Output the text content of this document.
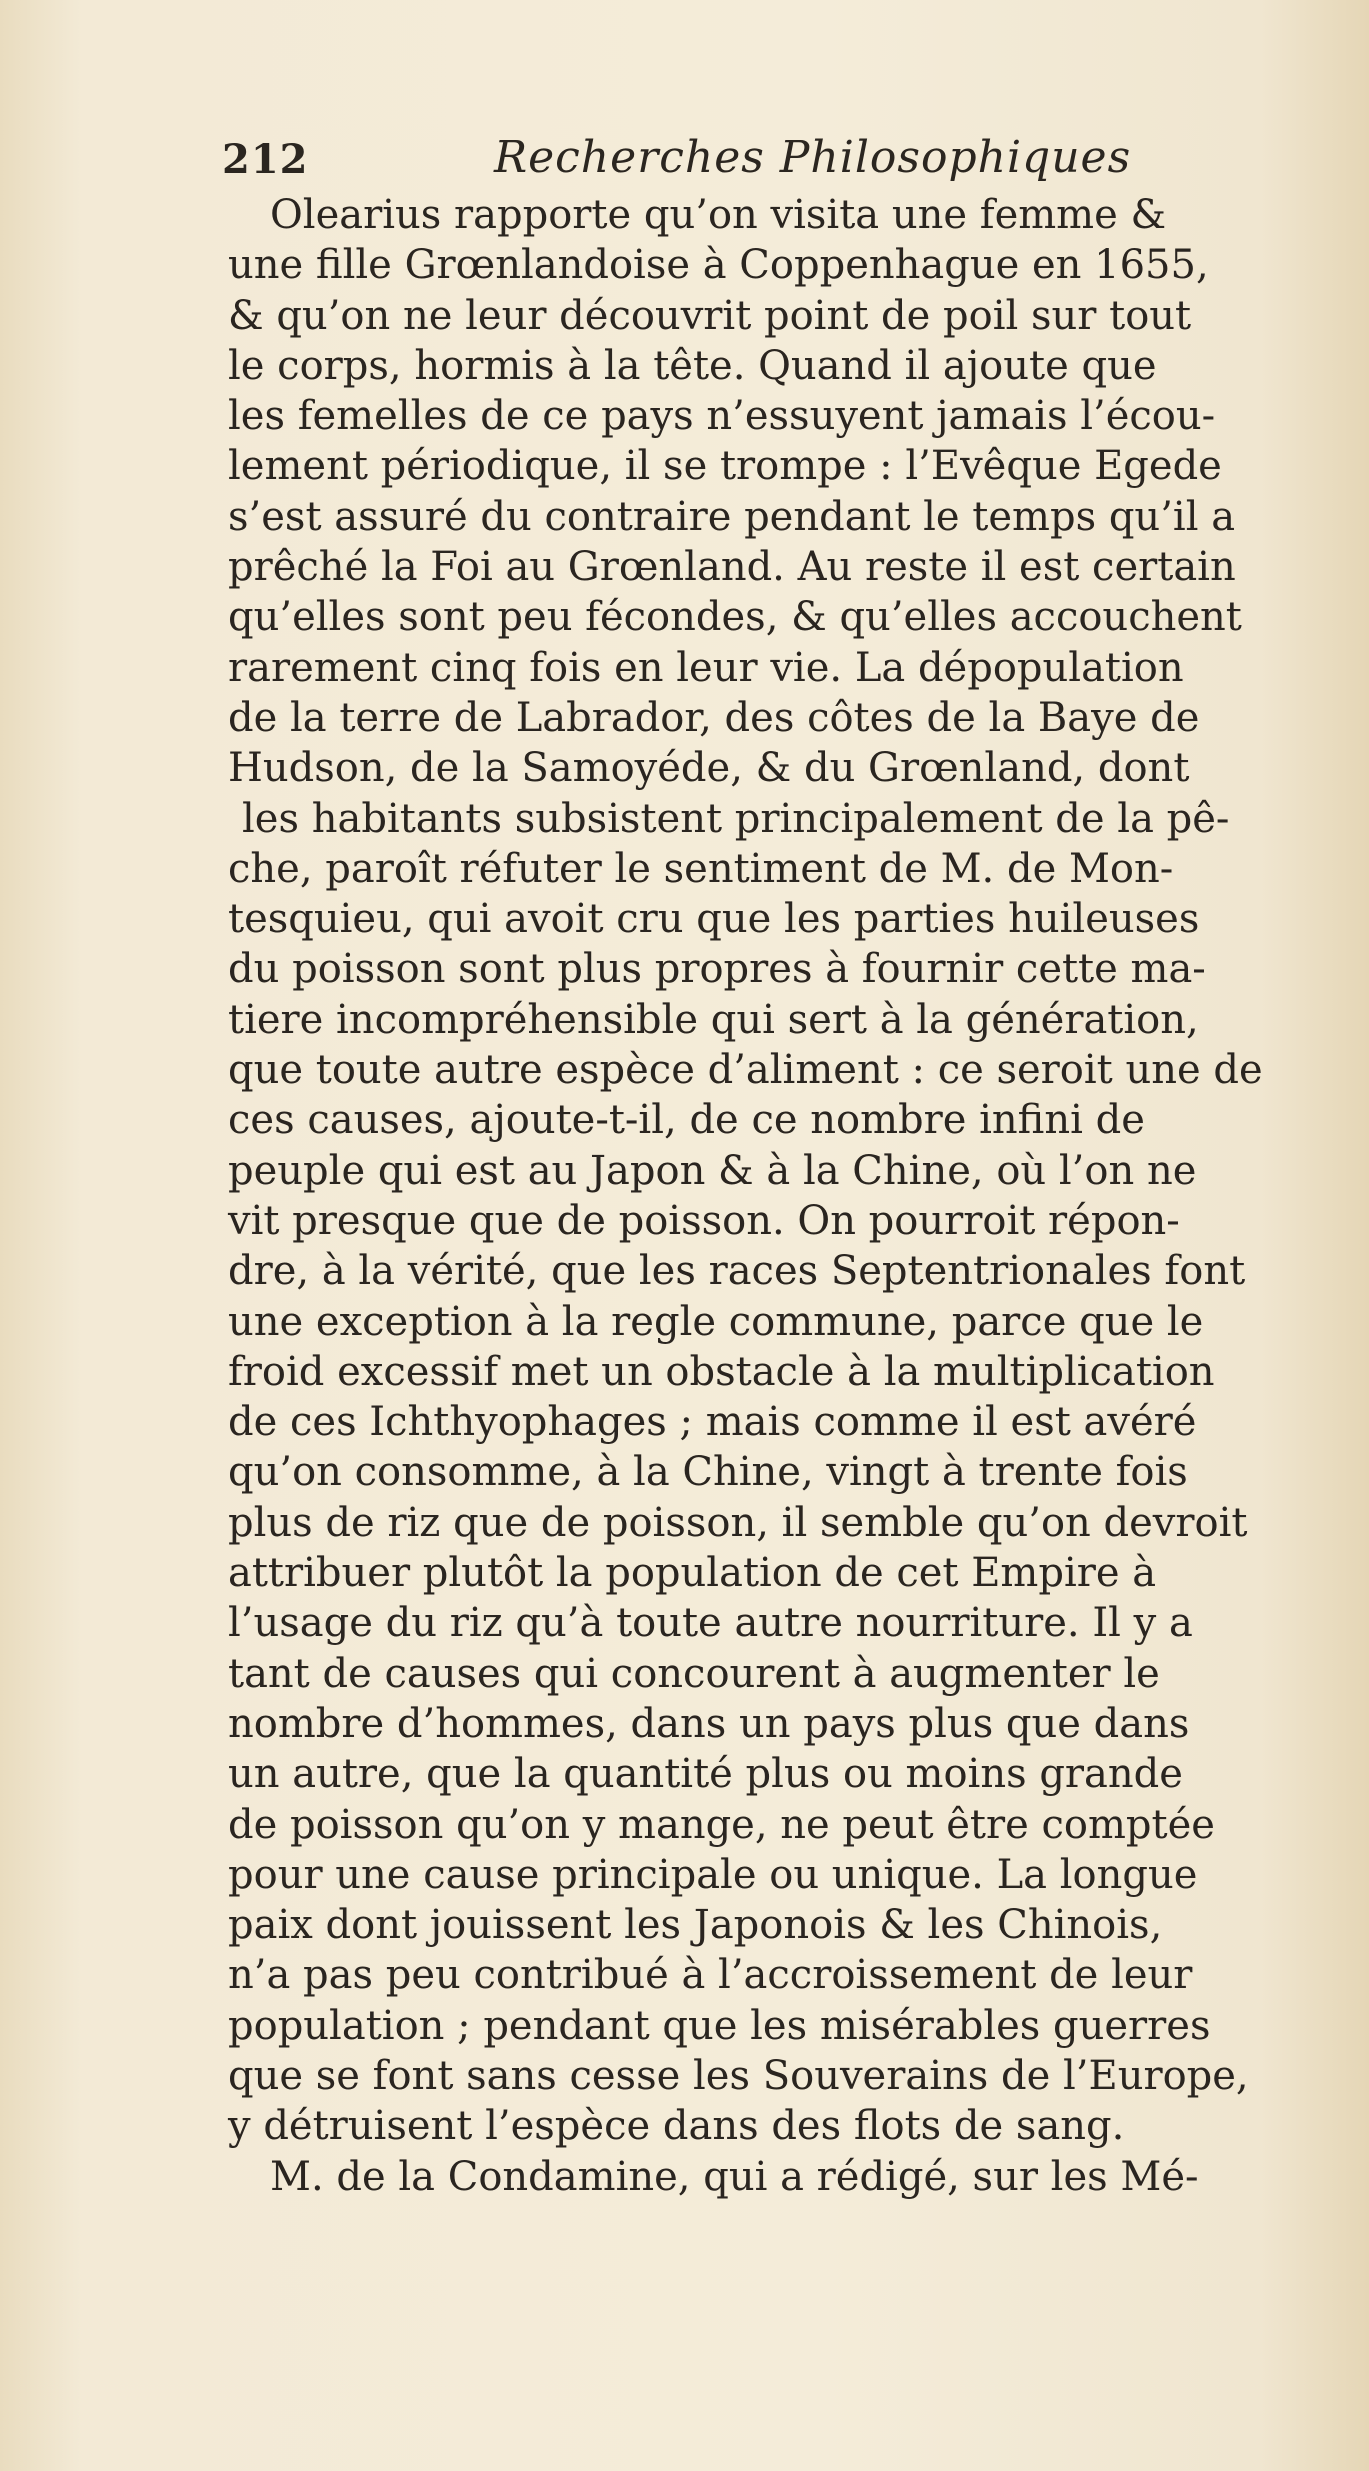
212	Recherches Philosophiques
Olearius rapporte qu’on visita une femme &
une fille Grœnlandoise à Coppenhague en 1655,
& qu’on ne leur découvrit point de poil sur tout
le corps, hormis à la tête. Quand il ajoute que
les femelles de ce pays n’essuyent jamais l’écou-
lement périodique, il se trompe : l’Evêque Egede
s’est assuré du contraire pendant le temps qu’il a
prêché la Foi au Grœnland. Au reste il est certain
qu’elles sont peu fécondes, & qu’elles accouchent
rarement cinq fois en leur vie. La dépopulation
de la terre de Labrador, des côtes de la Baye de
Hudson, de la Samoyéde, & du Grœnland, dont
les habitants subsistent principalement de la pê-
che, paroît réfuter le sentiment de M. de Mon-
tesquieu, qui avoit cru que les parties huileuses
du poisson sont plus propres à fournir cette ma-
tiere incompréhensible qui sert à la génération,
que toute autre espèce d’aliment : ce seroit une de
ces causes, ajoute-t-il, de ce nombre infini de
peuple qui est au Japon & à la Chine, où l’on ne
vit presque que de poisson. On pourroit répon-
dre, à la vérité, que les races Septentrionales font
une exception à la regle commune, parce que le
froid excessif met un obstacle à la multiplication
de ces Ichthyophages ; mais comme il est avéré
qu’on consomme, à la Chine, vingt à trente fois
plus de riz que de poisson, il semble qu’on devroit
attribuer plutôt la population de cet Empire à
l’usage du riz qu’à toute autre nourriture. Il y a
tant de causes qui concourent à augmenter le
nombre d’hommes, dans un pays plus que dans
un autre, que la quantité plus ou moins grande
de poisson qu’on y mange, ne peut être comptée
pour une cause principale ou unique. La longue
paix dont jouissent les Japonois & les Chinois,
n’a pas peu contribué à l’accroissement de leur
population ; pendant que les misérables guerres
que se font sans cesse les Souverains de l’Europe,
y détruisent l’espèce dans des flots de sang.
M. de la Condamine, qui a rédigé, sur les Mé-
